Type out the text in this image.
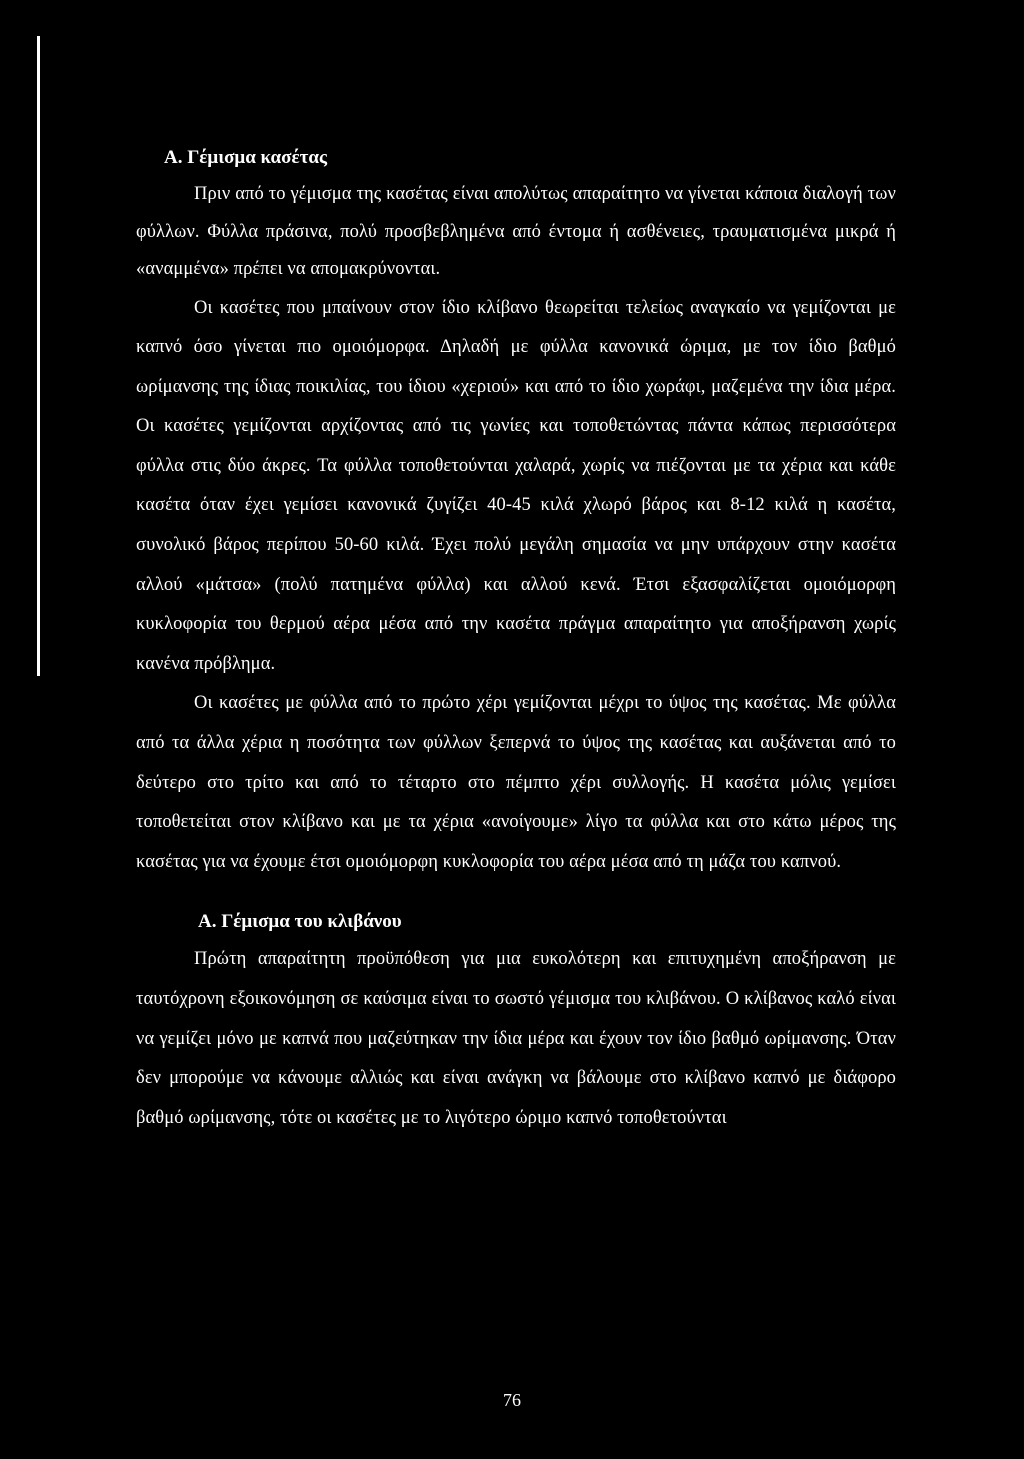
Α. Γέμισμα κασέτας

Πριν από το γέμισμα της κασέτας είναι απολύτως απαραίτητο να γίνεται κάποια διαλογή των φύλλων. Φύλλα πράσινα, πολύ προσβεβλημένα από έντομα ή ασθένειες, τραυματισμένα μικρά ή «αναμμένα» πρέπει να απομακρύνονται.

Οι κασέτες που μπαίνουν στον ίδιο κλίβανο θεωρείται τελείως αναγκαίο να γεμίζονται με καπνό όσο γίνεται πιο ομοιόμορφα. Δηλαδή με φύλλα κανονικά ώριμα, με τον ίδιο βαθμό ωρίμανσης της ίδιας ποικιλίας, του ίδιου «χεριού» και από το ίδιο χωράφι, μαζεμένα την ίδια μέρα. Οι κασέτες γεμίζονται αρχίζοντας από τις γωνίες και τοποθετώντας πάντα κάπως περισσότερα φύλλα στις δύο άκρες. Τα φύλλα τοποθετούνται χαλαρά, χωρίς να πιέζονται με τα χέρια και κάθε κασέτα όταν έχει γεμίσει κανονικά ζυγίζει 40-45 κιλά χλωρό βάρος και 8-12 κιλά η κασέτα, συνολικό βάρος περίπου 50-60 κιλά. Έχει πολύ μεγάλη σημασία να μην υπάρχουν στην κασέτα αλλού «μάτσα» (πολύ πατημένα φύλλα) και αλλού κενά. Έτσι εξασφαλίζεται ομοιόμορφη κυκλοφορία του θερμού αέρα μέσα από την κασέτα πράγμα απαραίτητο για αποξήρανση χωρίς κανένα πρόβλημα.

Οι κασέτες με φύλλα από το πρώτο χέρι γεμίζονται μέχρι το ύψος της κασέτας. Με φύλλα από τα άλλα χέρια η ποσότητα των φύλλων ξεπερνά το ύψος της κασέτας και αυξάνεται από το δεύτερο στο τρίτο και από το τέταρτο στο πέμπτο χέρι συλλογής. Η κασέτα μόλις γεμίσει τοποθετείται στον κλίβανο και με τα χέρια «ανοίγουμε» λίγο τα φύλλα και στο κάτω μέρος της κασέτας για να έχουμε έτσι ομοιόμορφη κυκλοφορία του αέρα μέσα από τη μάζα του καπνού.

Α. Γέμισμα του κλιβάνου

Πρώτη απαραίτητη προϋπόθεση για μια ευκολότερη και επιτυχημένη αποξήρανση με ταυτόχρονη εξοικονόμηση σε καύσιμα είναι το σωστό γέμισμα του κλιβάνου. Ο κλίβανος καλό είναι να γεμίζει μόνο με καπνά που μαζεύτηκαν την ίδια μέρα και έχουν τον ίδιο βαθμό ωρίμανσης. Όταν δεν μπορούμε να κάνουμε αλλιώς και είναι ανάγκη να βάλουμε στο κλίβανο καπνό με διάφορο βαθμό ωρίμανσης, τότε οι κασέτες με το λιγότερο ώριμο καπνό τοποθετούνται

76
